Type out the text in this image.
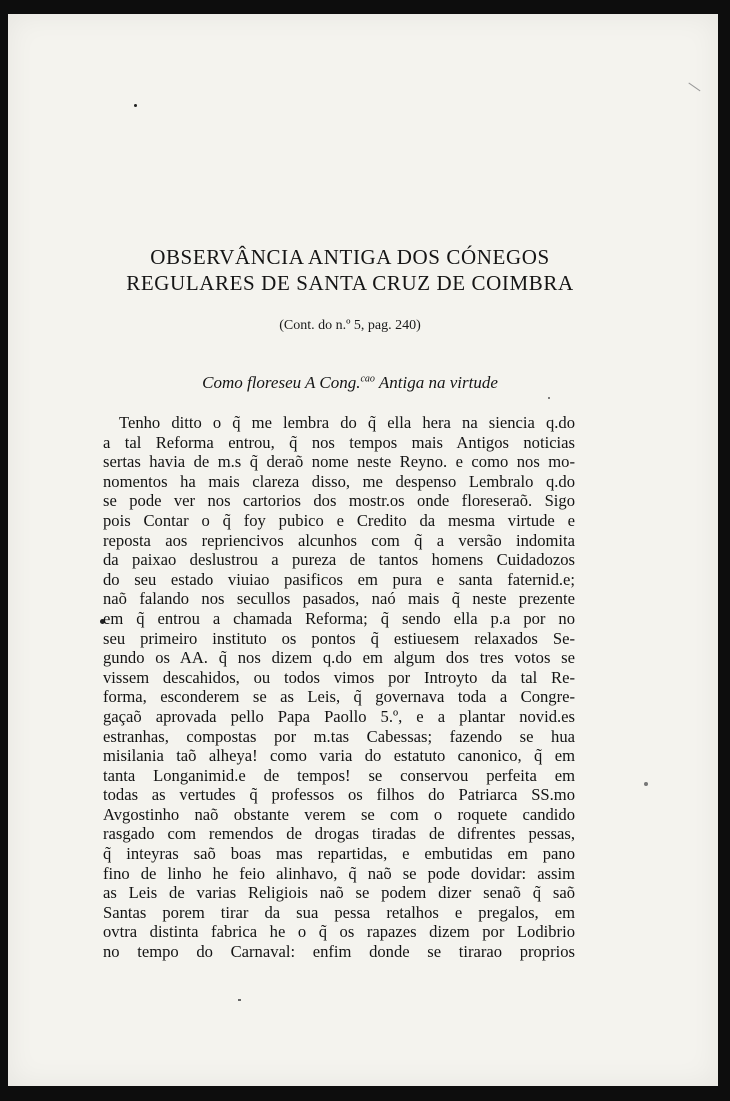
OBSERVÂNCIA ANTIGA DOS CÓNEGOS
REGULARES DE SANTA CRUZ DE COIMBRA
(Cont. do n.º 5, pag. 240)
Como floreseu A Cong.$^{cao}$ Antiga na virtude
Tenho ditto o q̃ me lembra do q̃ ella hera na siencia q.do
a tal Reforma entrou, q̃ nos tempos mais Antigos noticias
sertas havia de m.s q̃ deraõ nome neste Reyno. e como nos mo-
nomentos ha mais clareza disso, me despenso Lembralo q.do
se pode ver nos cartorios dos mostr.os onde floreseraõ. Sigo
pois Contar o q̃ foy pubico e Credito da mesma virtude e
reposta aos repriencivos alcunhos com q̃ a versão indomita
da paixao deslustrou a pureza de tantos homens Cuidadozos
do seu estado viuiao pasificos em pura e santa faternid.e;
naõ falando nos secullos pasados, naó mais q̃ neste prezente
em q̃ entrou a chamada Reforma; q̃ sendo ella p.a por no
seu primeiro instituto os pontos q̃ estiuesem relaxados Se-
gundo os AA. q̃ nos dizem q.do em algum dos tres votos se
vissem descahidos, ou todos vimos por Introyto da tal Re-
forma, esconderem se as Leis, q̃ governava toda a Congre-
gaçaõ aprovada pello Papa Paollo 5.º, e a plantar novid.es
estranhas, compostas por m.tas Cabessas; fazendo se hua
misilania taõ alheya! como varia do estatuto canonico, q̃ em
tanta Longanimid.e de tempos! se conservou perfeita em
todas as vertudes q̃ professos os filhos do Patriarca SS.mo
Avgostinho naõ obstante verem se com o roquete candido
rasgado com remendos de drogas tiradas de difrentes pessas,
q̃ inteyras saõ boas mas repartidas, e embutidas em pano
fino de linho he feio alinhavo, q̃ naõ se pode dovidar: assim
as Leis de varias Religiois naõ se podem dizer senaõ q̃ saõ
Santas porem tirar da sua pessa retalhos e pregalos, em
ovtra distinta fabrica he o q̃ os rapazes dizem por Lodibrio
no tempo do Carnaval: enfim donde se tirarao proprios
